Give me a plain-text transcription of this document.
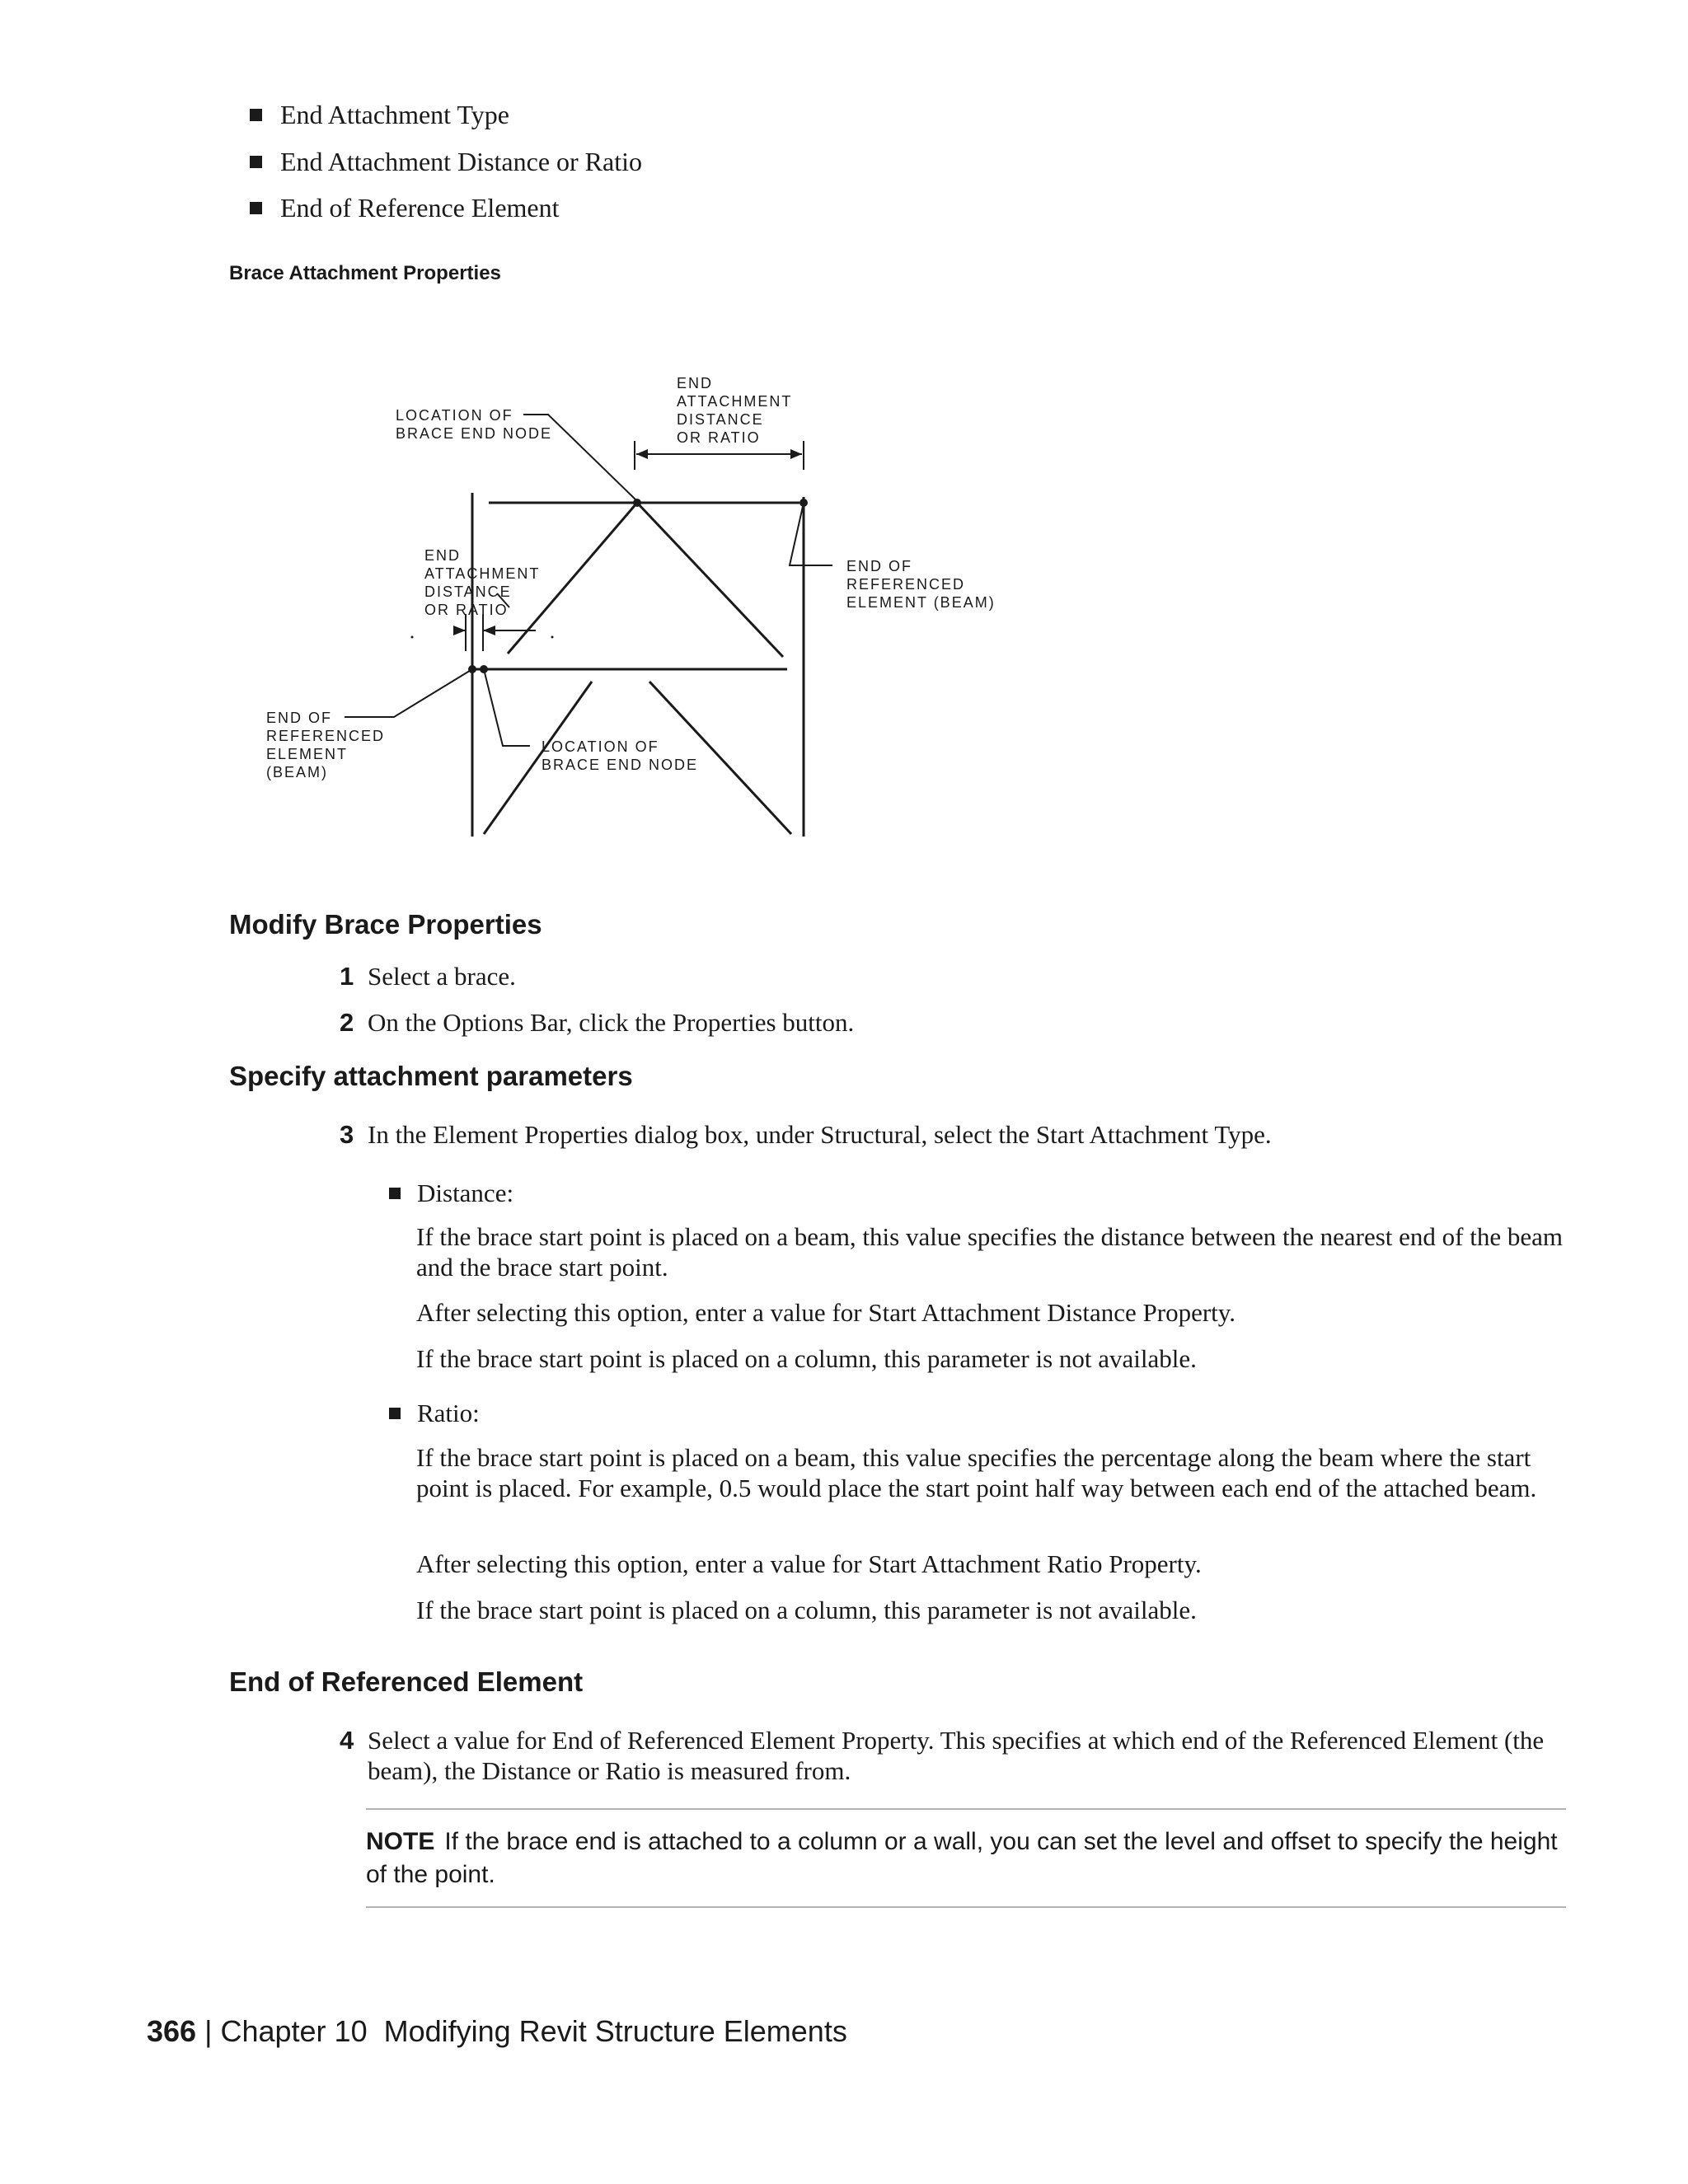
End Attachment Type
End Attachment Distance or Ratio
End of Reference Element
Brace Attachment Properties
LOCATION OF BRACE END NODE
END ATTACHMENT DISTANCE OR RATIO
END OF REFERENCED ELEMENT (BEAM)
END ATTACHMENT DISTANCE OR RATIO
END OF REFERENCED ELEMENT (BEAM)
LOCATION OF BRACE END NODE
Modify Brace Properties
1 Select a brace.
2 On the Options Bar, click the Properties button.
Specify attachment parameters
3 In the Element Properties dialog box, under Structural, select the Start Attachment Type.
Distance:
If the brace start point is placed on a beam, this value specifies the distance between the nearest end of the beam and the brace start point.
After selecting this option, enter a value for Start Attachment Distance Property.
If the brace start point is placed on a column, this parameter is not available.
Ratio:
If the brace start point is placed on a beam, this value specifies the percentage along the beam where the start point is placed. For example, 0.5 would place the start point half way between each end of the attached beam.
After selecting this option, enter a value for Start Attachment Ratio Property.
If the brace start point is placed on a column, this parameter is not available.
End of Referenced Element
4 Select a value for End of Referenced Element Property. This specifies at which end of the Referenced Element (the beam), the Distance or Ratio is measured from.
NOTE If the brace end is attached to a column or a wall, you can set the level and offset to specify the height of the point.
366 | Chapter 10 Modifying Revit Structure Elements
